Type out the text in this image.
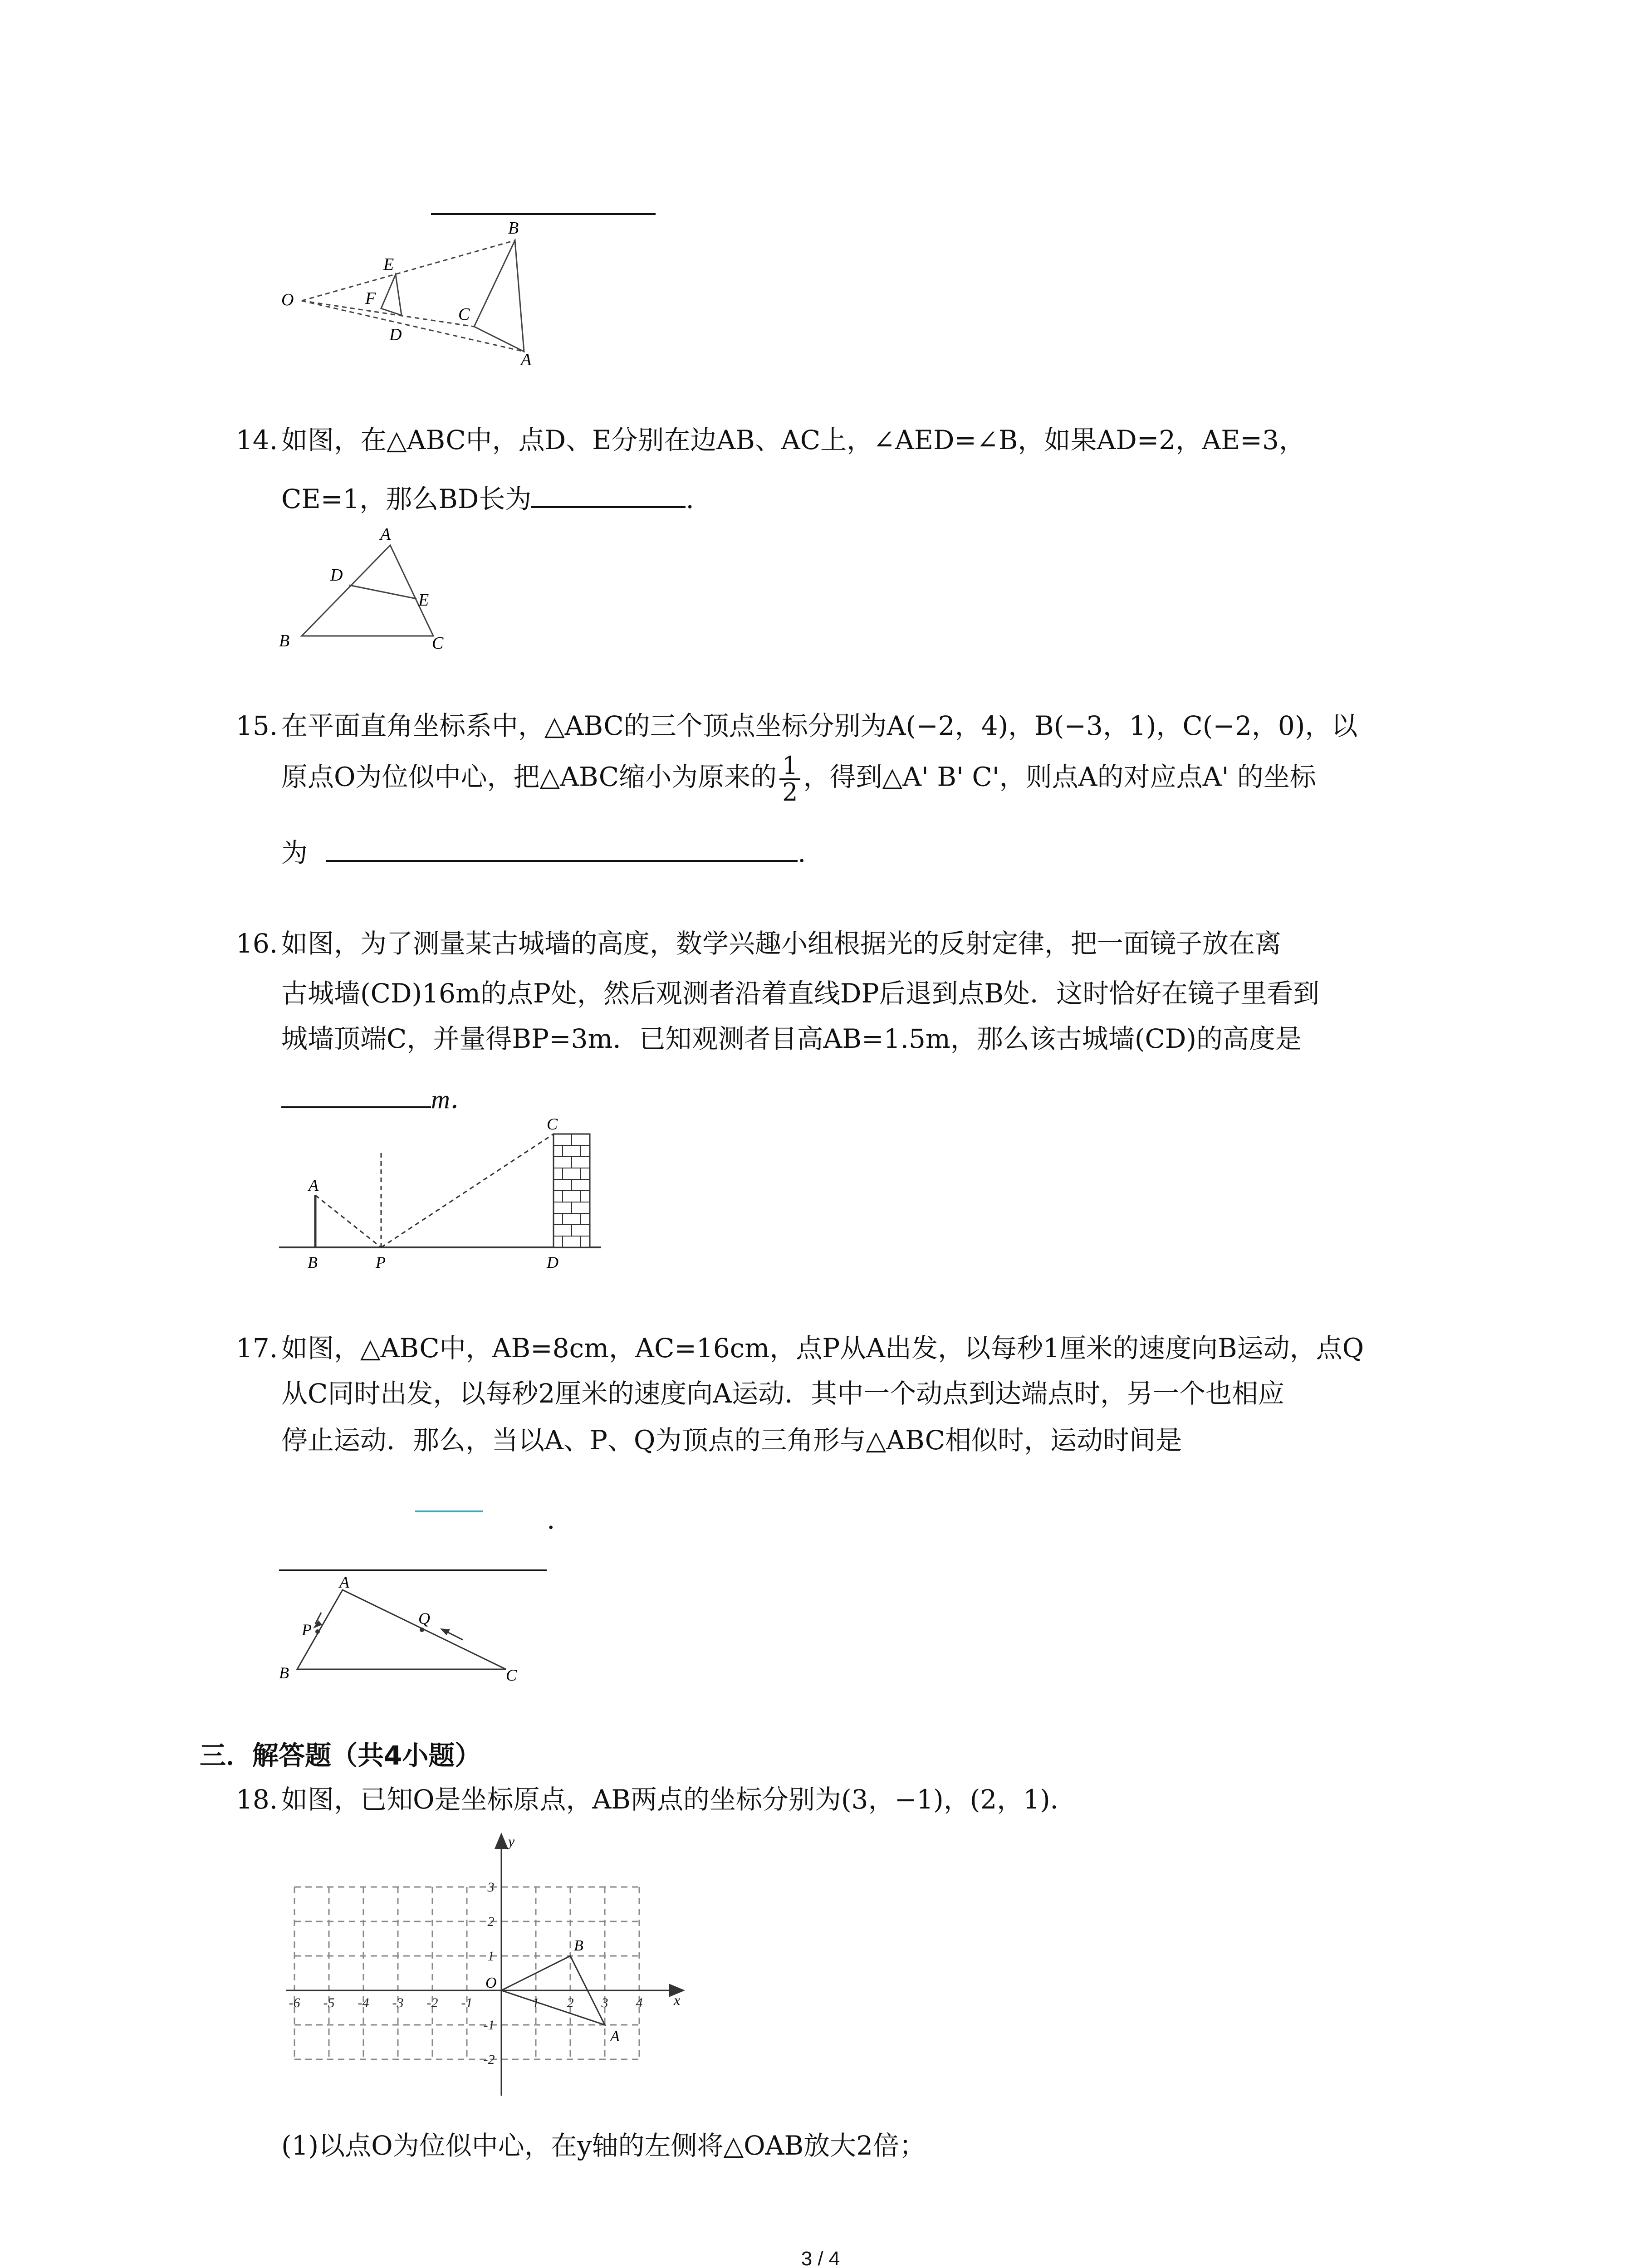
O
E
F
D
B
C
A
14. 如图，在△ABC中，点D、E分别在边AB、AC上，∠AED=∠B，如果AD=2，AE=3，
CE=1，那么BD长为	.
A
D
E
B	C
15. 在平面直角坐标系中，△ABC的三个顶点坐标分别为A(−2，4)，B(−3，1)，C(−2，0)，以
原点O为位似中心，把△ABC缩小为原来的 $\frac{1}{2}$ ，得到△A' B' C'，则点A的对应点A' 的坐标
为	.
16. 如图，为了测量某古城墙的高度，数学兴趣小组根据光的反射定律，把一面镜子放在离
古城墙(CD)16m的点P处，然后观测者沿着直线DP后退到点B处．这时恰好在镜子里看到
城墙顶端C，并量得BP=3m．已知观测者目高AB=1.5m，那么该古城墙(CD)的高度是
m．
A
B	P
C
D
17. 如图，△ABC中，AB=8cm，AC=16cm，点P从A出发，以每秒1厘米的速度向B运动，点Q
从C同时出发，以每秒2厘米的速度向A运动．其中一个动点到达端点时，另一个也相应
停止运动．那么，当以A、P、Q为顶点的三角形与△ABC相似时，运动时间是
.
A
P
Q
B	C
三．解答题（共4小题）
18. 如图，已知O是坐标原点，AB两点的坐标分别为(3，−1)，(2，1)．
-6 -5 -4 -3 -2 -1	1 2 3 4
3
2
1
-1
-2
O
x
y
A
B
(1)以点O为位似中心，在y轴的左侧将△OAB放大2倍；
3 / 4
